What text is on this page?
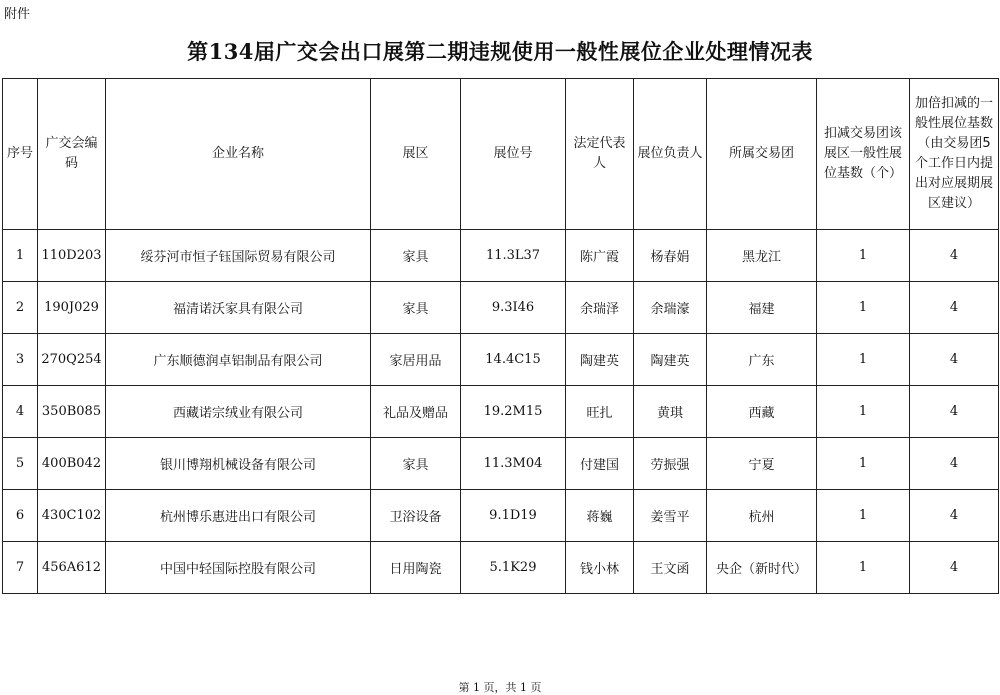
附件
第134届广交会出口展第二期违规使用一般性展位企业处理情况表
序号	广交会编码	企业名称	展区	展位号	法定代表人	展位负责人	所属交易团	扣减交易团该展区一般性展位基数（个）	加倍扣减的一般性展位基数（由交易团5个工作日内提出对应展期展区建议）
1	110D203	绥芬河市恒子钰国际贸易有限公司	家具	11.3L37	陈广霞	杨春娟	黑龙江	1	4
2	190J029	福清诺沃家具有限公司	家具	9.3I46	余瑞泽	余瑞濠	福建	1	4
3	270Q254	广东顺德润卓铝制品有限公司	家居用品	14.4C15	陶建英	陶建英	广东	1	4
4	350B085	西藏诺宗绒业有限公司	礼品及赠品	19.2M15	旺扎	黄琪	西藏	1	4
5	400B042	银川博翔机械设备有限公司	家具	11.3M04	付建国	劳振强	宁夏	1	4
6	430C102	杭州博乐惠进出口有限公司	卫浴设备	9.1D19	蒋巍	姜雪平	杭州	1	4
7	456A612	中国中轻国际控股有限公司	日用陶瓷	5.1K29	钱小林	王文函	央企（新时代）	1	4
第 1 页，共 1 页
